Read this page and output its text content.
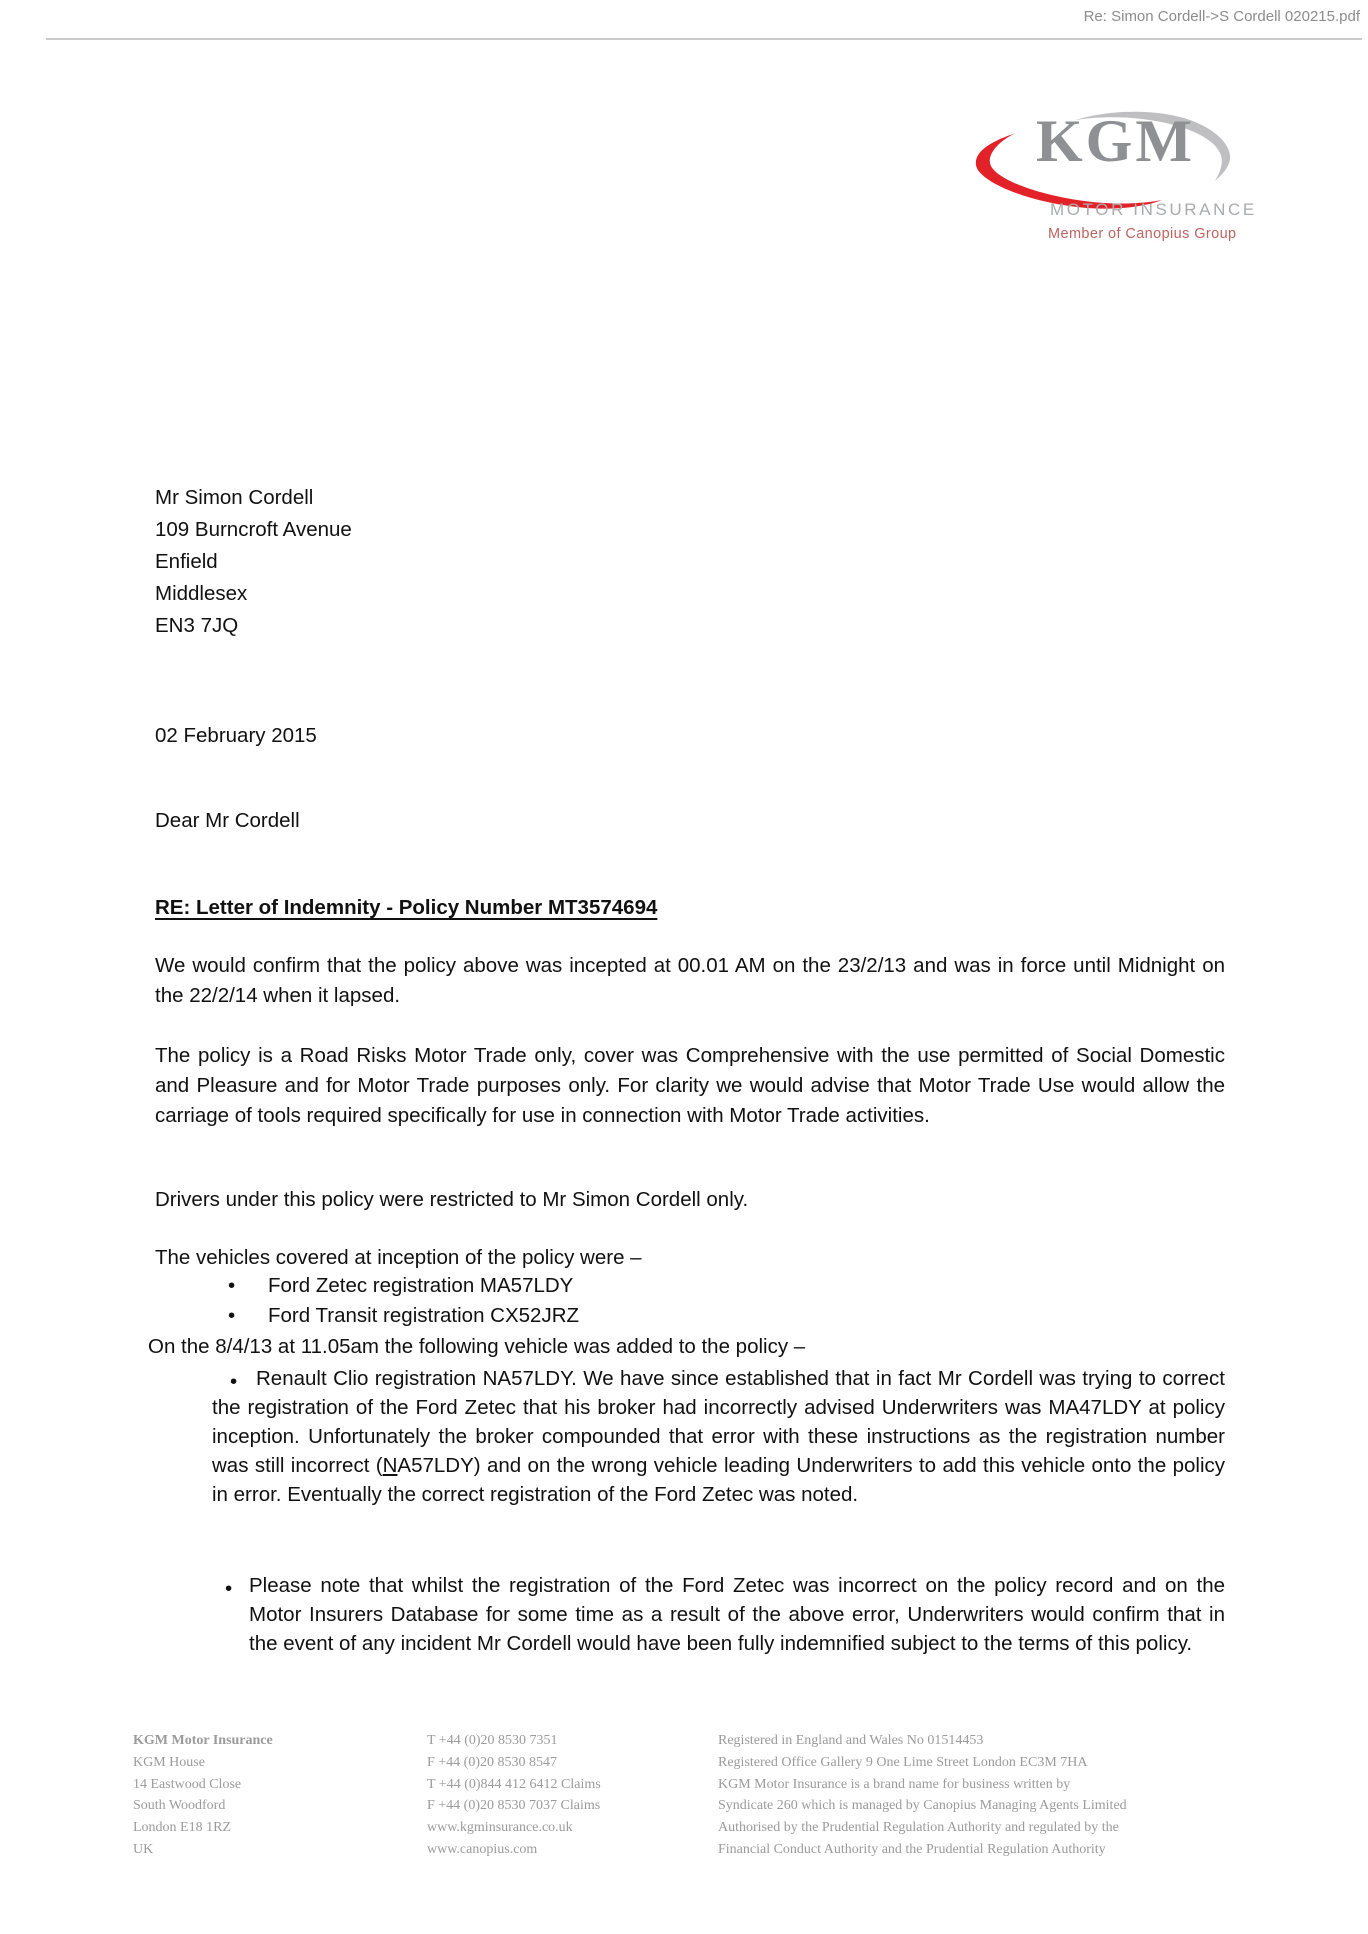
Re: Simon Cordell->S Cordell 020215.pdf
KGM
MOTOR INSURANCE
Member of Canopius Group
Mr Simon Cordell
109 Burncroft Avenue
Enfield
Middlesex
EN3 7JQ
02 February 2015
Dear Mr Cordell
RE: Letter of Indemnity - Policy Number MT3574694
We would confirm that the policy above was incepted at 00.01 AM on the 23/2/13 and was in force until Midnight on the 22/2/14 when it lapsed.
The policy is a Road Risks Motor Trade only, cover was Comprehensive with the use permitted of Social Domestic and Pleasure and for Motor Trade purposes only. For clarity we would advise that Motor Trade Use would allow the carriage of tools required specifically for use in connection with Motor Trade activities.
Drivers under this policy were restricted to Mr Simon Cordell only.
The vehicles covered at inception of the policy were –
• Ford Zetec registration MA57LDY
• Ford Transit registration CX52JRZ
On the 8/4/13 at 11.05am the following vehicle was added to the policy –
• Renault Clio registration NA57LDY. We have since established that in fact Mr Cordell was trying to correct the registration of the Ford Zetec that his broker had incorrectly advised Underwriters was MA47LDY at policy inception. Unfortunately the broker compounded that error with these instructions as the registration number was still incorrect (NA57LDY) and on the wrong vehicle leading Underwriters to add this vehicle onto the policy in error. Eventually the correct registration of the Ford Zetec was noted.
• Please note that whilst the registration of the Ford Zetec was incorrect on the policy record and on the Motor Insurers Database for some time as a result of the above error, Underwriters would confirm that in the event of any incident Mr Cordell would have been fully indemnified subject to the terms of this policy.
KGM Motor Insurance
KGM House
14 Eastwood Close
South Woodford
London E18 1RZ
UK
T +44 (0)20 8530 7351
F +44 (0)20 8530 8547
T +44 (0)844 412 6412 Claims
F +44 (0)20 8530 7037 Claims
www.kgminsurance.co.uk
www.canopius.com
Registered in England and Wales No 01514453
Registered Office Gallery 9 One Lime Street London EC3M 7HA
KGM Motor Insurance is a brand name for business written by
Syndicate 260 which is managed by Canopius Managing Agents Limited
Authorised by the Prudential Regulation Authority and regulated by the
Financial Conduct Authority and the Prudential Regulation Authority
